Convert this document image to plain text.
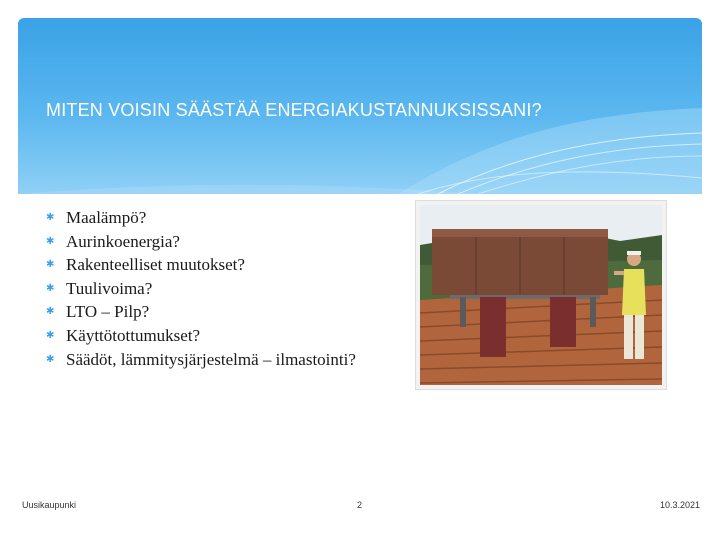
MITEN VOISIN SÄÄSTÄÄ ENERGIAKUSTANNUKSISSANI?
✱ Maalämpö?
✱ Aurinkoenergia?
✱ Rakenteelliset muutokset?
✱ Tuulivoima?
✱ LTO – Pilp?
✱ Käyttötottumukset?
✱ Säädöt, lämmitysjärjestelmä – ilmastointi?
Uusikaupunki	2	10.3.2021
